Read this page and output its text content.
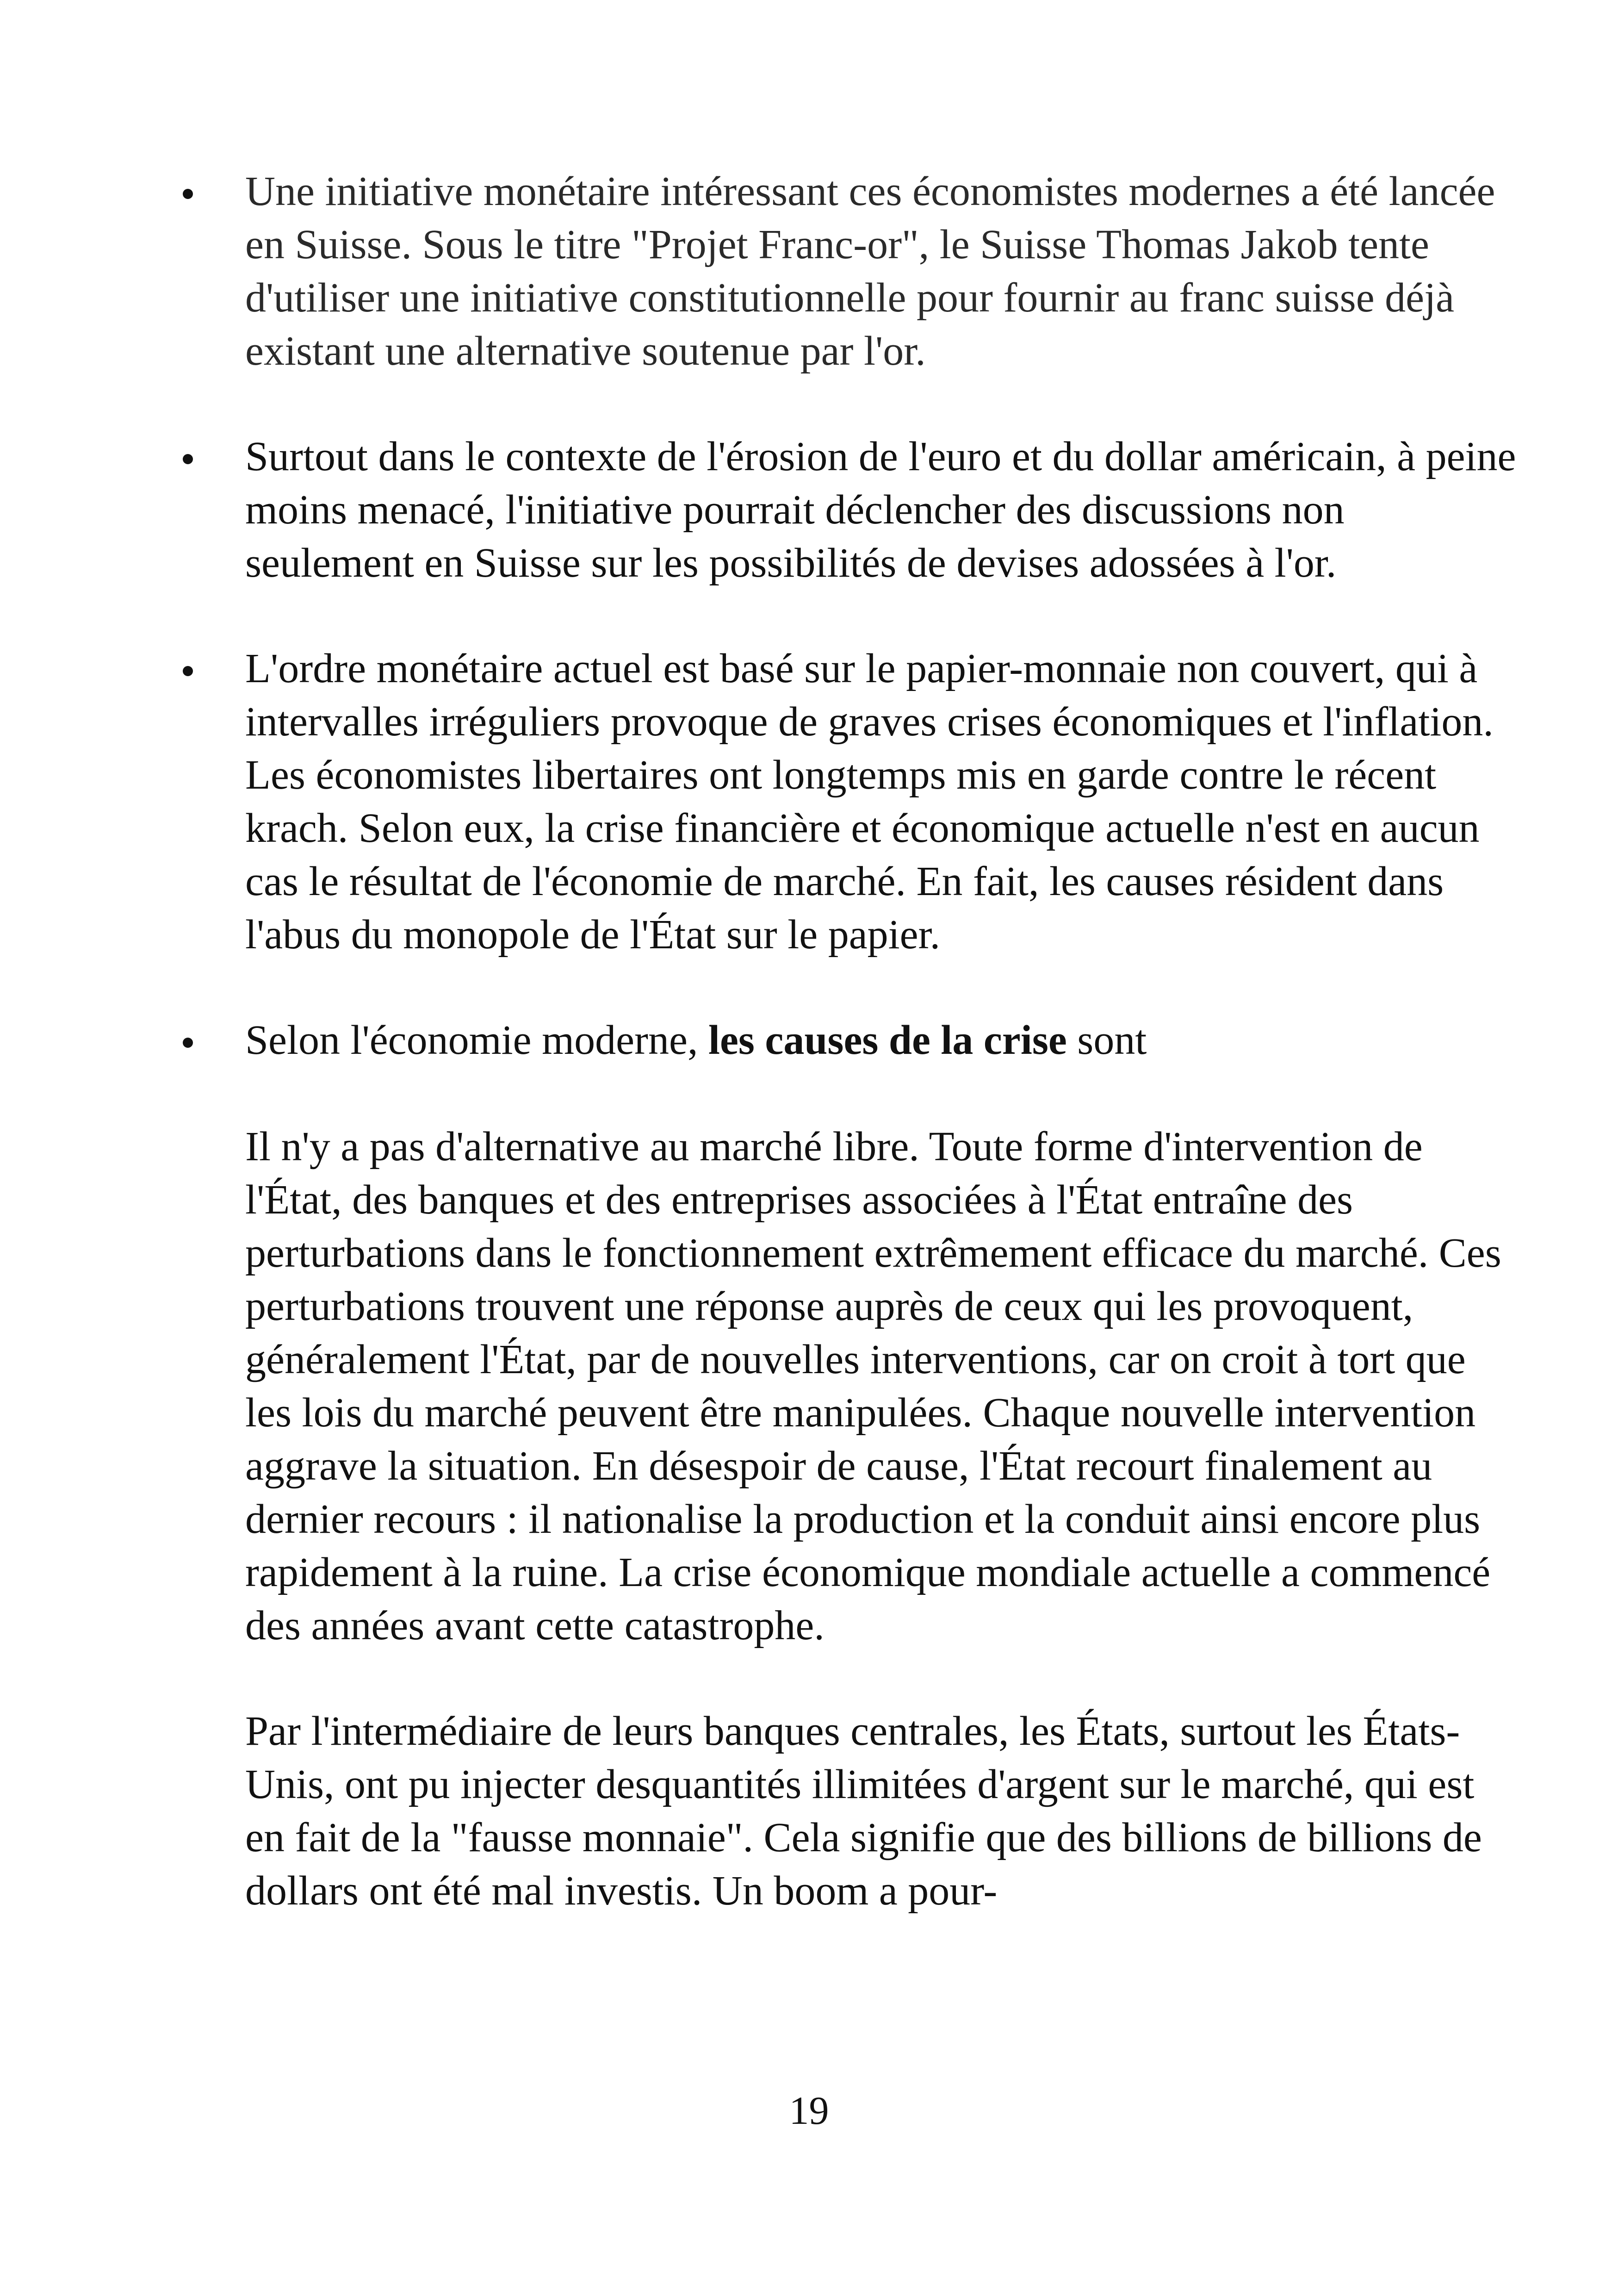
Une initiative monétaire intéressant ces économistes modernes a été lancée en Suisse. Sous le titre "Projet Franc-or", le Suisse Thomas Jakob tente d'utiliser une initiative constitutionnelle pour fournir au franc suisse déjà existant une alternative soutenue par l'or.

Surtout dans le contexte de l'érosion de l'euro et du dollar américain, à peine moins menacé, l'initiative pourrait déclencher des discussions non seulement en Suisse sur les possibilités de devises adossées à l'or.

L'ordre monétaire actuel est basé sur le papier-monnaie non couvert, qui à intervalles irréguliers provoque de graves crises économiques et l'inflation. Les économistes libertaires ont longtemps mis en garde contre le récent krach. Selon eux, la crise financière et économique actuelle n'est en aucun cas le résultat de l'économie de marché. En fait, les causes résident dans l'abus du monopole de l'État sur le papier.

Selon l'économie moderne, les causes de la crise sont

Il n'y a pas d'alternative au marché libre. Toute forme d'intervention de l'État, des banques et des entreprises associées à l'État entraîne des perturbations dans le fonctionnement extrêmement efficace du marché. Ces perturbations trouvent une réponse auprès de ceux qui les provoquent, généralement l'État, par de nouvelles interventions, car on croit à tort que les lois du marché peuvent être manipulées. Chaque nouvelle intervention aggrave la situation. En désespoir de cause, l'État recourt finalement au dernier recours : il nationalise la production et la conduit ainsi encore plus rapidement à la ruine. La crise économique mondiale actuelle a commencé des années avant cette catastrophe.

Par l'intermédiaire de leurs banques centrales, les États, surtout les États-Unis, ont pu injecter desquantités illimitées d'argent sur le marché, qui est en fait de la "fausse monnaie". Cela signifie que des billions de billions de dollars ont été mal investis. Un boom a pour-

19
